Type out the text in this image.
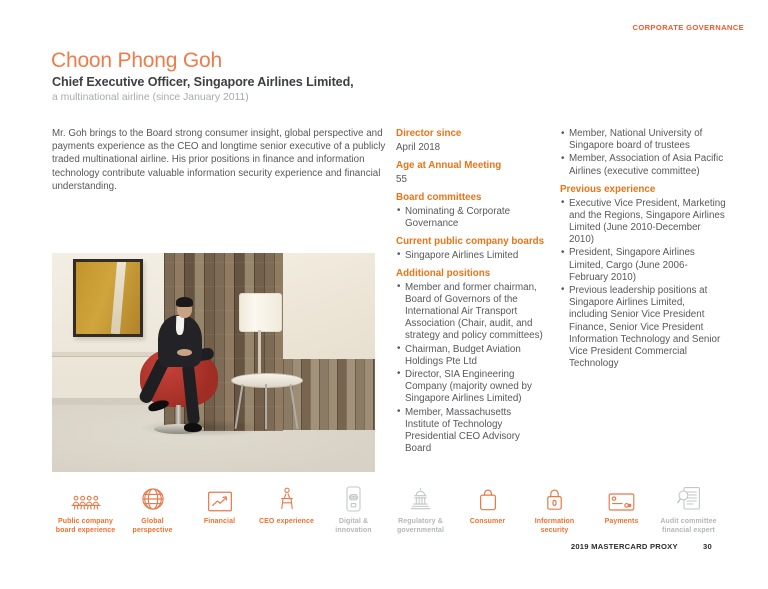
CORPORATE GOVERNANCE
Choon Phong Goh
Chief Executive Officer, Singapore Airlines Limited,
a multinational airline (since January 2011)
Mr. Goh brings to the Board strong consumer insight, global perspective and payments experience as the CEO and longtime senior executive of a publicly traded multinational airline. His prior positions in finance and information technology contribute valuable information security experience and financial understanding.
Director since
April 2018
Age at Annual Meeting
55
Board committees
• Nominating & Corporate Governance
Current public company boards
• Singapore Airlines Limited
Additional positions
• Member and former chairman, Board of Governors of the International Air Transport Association (Chair, audit, and strategy and policy committees)
• Chairman, Budget Aviation Holdings Pte Ltd
• Director, SIA Engineering Company (majority owned by Singapore Airlines Limited)
• Member, Massachusetts Institute of Technology Presidential CEO Advisory Board
• Member, National University of Singapore board of trustees
• Member, Association of Asia Pacific Airlines (executive committee)
Previous experience
• Executive Vice President, Marketing and the Regions, Singapore Airlines Limited (June 2010-December 2010)
• President, Singapore Airlines Limited, Cargo (June 2006-February 2010)
• Previous leadership positions at Singapore Airlines Limited, including Senior Vice President Finance, Senior Vice President Information Technology and Senior Vice President Commercial Technology
Public company board experience
Global perspective
Financial	CEO experience	Digital & innovation
Regulatory & governmental
Consumer	Information security
Payments	Audit committee financial expert
2019 MASTERCARD PROXY	30
